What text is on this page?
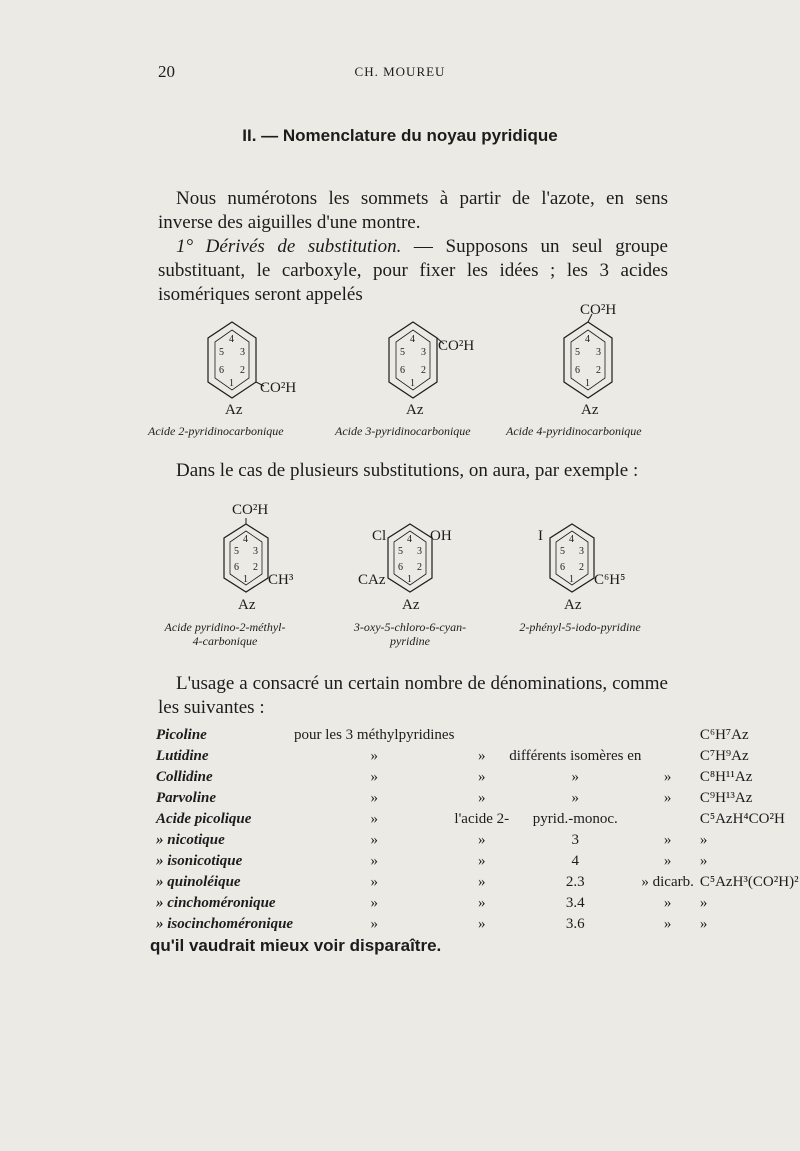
20	CH. MOUREU
II. — Nomenclature du noyau pyridique
Nous numérotons les sommets à partir de l'azote, en sens inverse des aiguilles d'une montre.
1° Dérivés de substitution. — Supposons un seul groupe substituant, le carboxyle, pour fixer les idées ; les 3 acides isomériques seront appelés
4
5 3
6 2
1 CO²H
Az
4
5 3
6 2
1
CO²H
Az
4
5 3
6 2
1
CO²H
Az
Acide 2-pyridinocarbonique	Acide 3-pyridinocarbonique	Acide 4-pyridinocarbonique
Dans le cas de plusieurs substitutions, on aura, par exemple :
CO²H
4
5 3
6 2
1 CH³
Az
Cl	OH
4
5 3
6 2
1
CAz
Az
I	4
5 3
6 2
1 C⁶H⁵
Az
Acide pyridino-2-méthyl-
4-carbonique
3-oxy-5-chloro-6-cyan-
pyridine
2-phényl-5-iodo-pyridine
L'usage a consacré un certain nombre de dénominations, comme les suivantes :
Picoline	pour les 3 méthylpyridines				C⁶H⁷Az
Lutidine	»	»	différents isomères en		C⁷H⁹Az
Collidine	»	»	»	»	C⁸H¹¹Az
Parvoline	»	»	»	»	C⁹H¹³Az
Acide picolique	»	l'acide 2-	pyrid.-monoc.		C⁵AzH⁴CO²H
» nicotique	»	»	3	»	»
» isonicotique	»	»	4	»	»
» quinoléique	»	»	2.3	» dicarb.	C⁵AzH³(CO²H)²
» cinchoméronique	»	»	3.4	»	»
» isocinchoméronique	»	»	3.6	»	»
qu'il vaudrait mieux voir disparaître.
